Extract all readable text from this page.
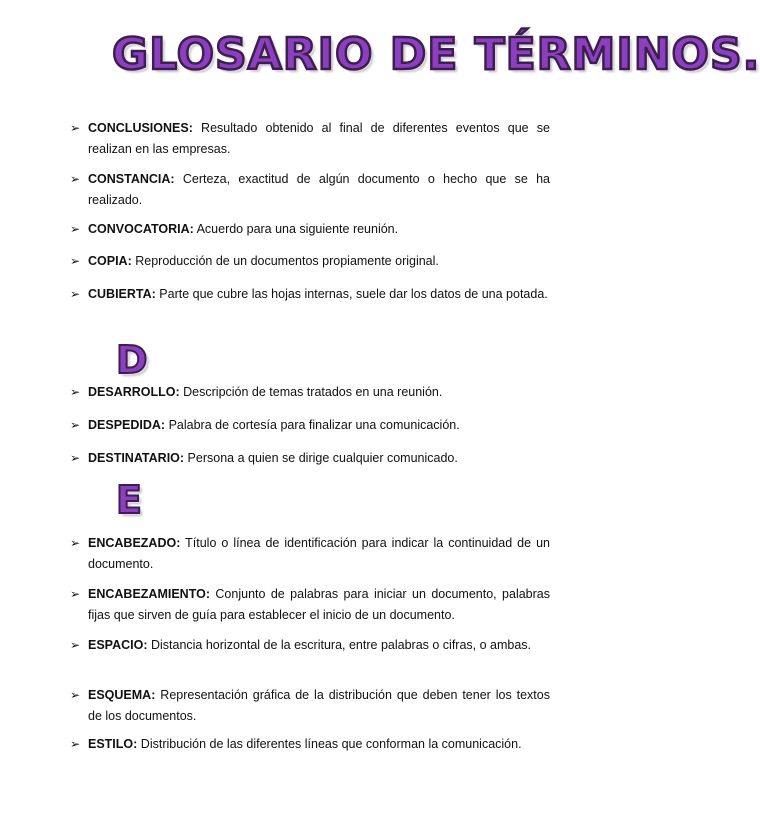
GLOSARIO DE TÉRMINOS.
➢ CONCLUSIONES: Resultado obtenido al final de diferentes eventos que se realizan en las empresas.
➢ CONSTANCIA: Certeza, exactitud de algún documento o hecho que se ha realizado.
➢ CONVOCATORIA: Acuerdo para una siguiente reunión.
➢ COPIA: Reproducción de un documentos propiamente original.
➢ CUBIERTA: Parte que cubre las hojas internas, suele dar los datos de una potada.
D
➢ DESARROLLO: Descripción de temas tratados en una reunión.
➢ DESPEDIDA: Palabra de cortesía para finalizar una comunicación.
➢ DESTINATARIO: Persona a quien se dirige cualquier comunicado.
E
➢ ENCABEZADO: Título o línea de identificación para indicar la continuidad de un documento.
➢ ENCABEZAMIENTO: Conjunto de palabras para iniciar un documento, palabras fijas que sirven de guía para establecer el inicio de un documento.
➢ ESPACIO: Distancia horizontal de la escritura, entre palabras o cifras, o ambas.
➢ ESQUEMA: Representación gráfica de la distribución que deben tener los textos de los documentos.
➢ ESTILO: Distribución de las diferentes líneas que conforman la comunicación.
